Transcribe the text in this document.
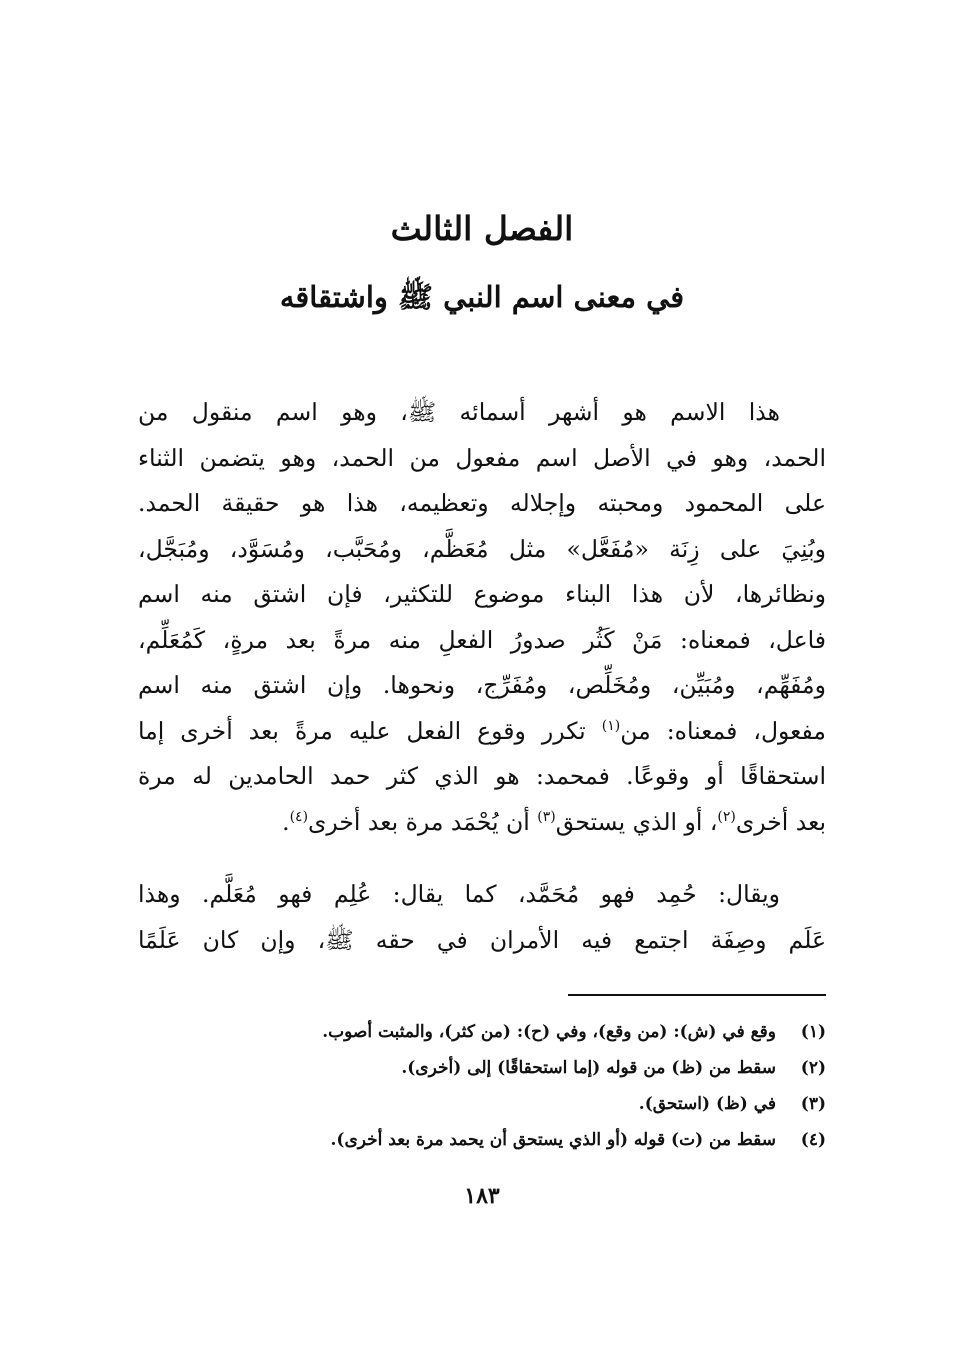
الفصل الثالث
في معنى اسم النبي ﷺ واشتقاقه
هذا الاسم هو أشهر أسمائه ﷺ، وهو اسم منقول من
الحمد، وهو في الأصل اسم مفعول من الحمد، وهو يتضمن الثناء
على المحمود ومحبته وإجلاله وتعظيمه، هذا هو حقيقة الحمد.
وبُنِيَ على زِنَة «مُفَعَّل» مثل مُعَظَّم، ومُحَبَّب، ومُسَوَّد، ومُبَجَّل،
ونظائرها، لأن هذا البناء موضوع للتكثير، فإن اشتق منه اسم
فاعل، فمعناه: مَنْ كَثُر صدورُ الفعلِ منه مرةً بعد مرةٍ، كَمُعَلِّم،
ومُفَهِّم، ومُبَيِّن، ومُخَلِّص، ومُفَرِّج، ونحوها. وإن اشتق منه اسم
مفعول، فمعناه: من$^{(١)}$ تكرر وقوع الفعل عليه مرةً بعد أخرى إما
استحقاقًا أو وقوعًا. فمحمد: هو الذي كثر حمد الحامدين له مرة
بعد أخرى$^{(٢)}$، أو الذي يستحق$^{(٣)}$ أن يُحْمَد مرة بعد أخرى$^{(٤)}$.
ويقال: حُمِد فهو مُحَمَّد، كما يقال: عُلِم فهو مُعَلَّم. وهذا
عَلَم وصِفَة اجتمع فيه الأمران في حقه ﷺ، وإن كان عَلَمًا
(١)
وقع في (ش): (من وقع)، وفي (ح): (من كثر)، والمثبت أصوب.
(٢)
سقط من (ظ) من قوله (إما استحقاقًا) إلى (أخرى).
(٣)
في (ظ) (استحق).
(٤)
سقط من (ت) قوله (أو الذي يستحق أن يحمد مرة بعد أخرى).
١٨٣
